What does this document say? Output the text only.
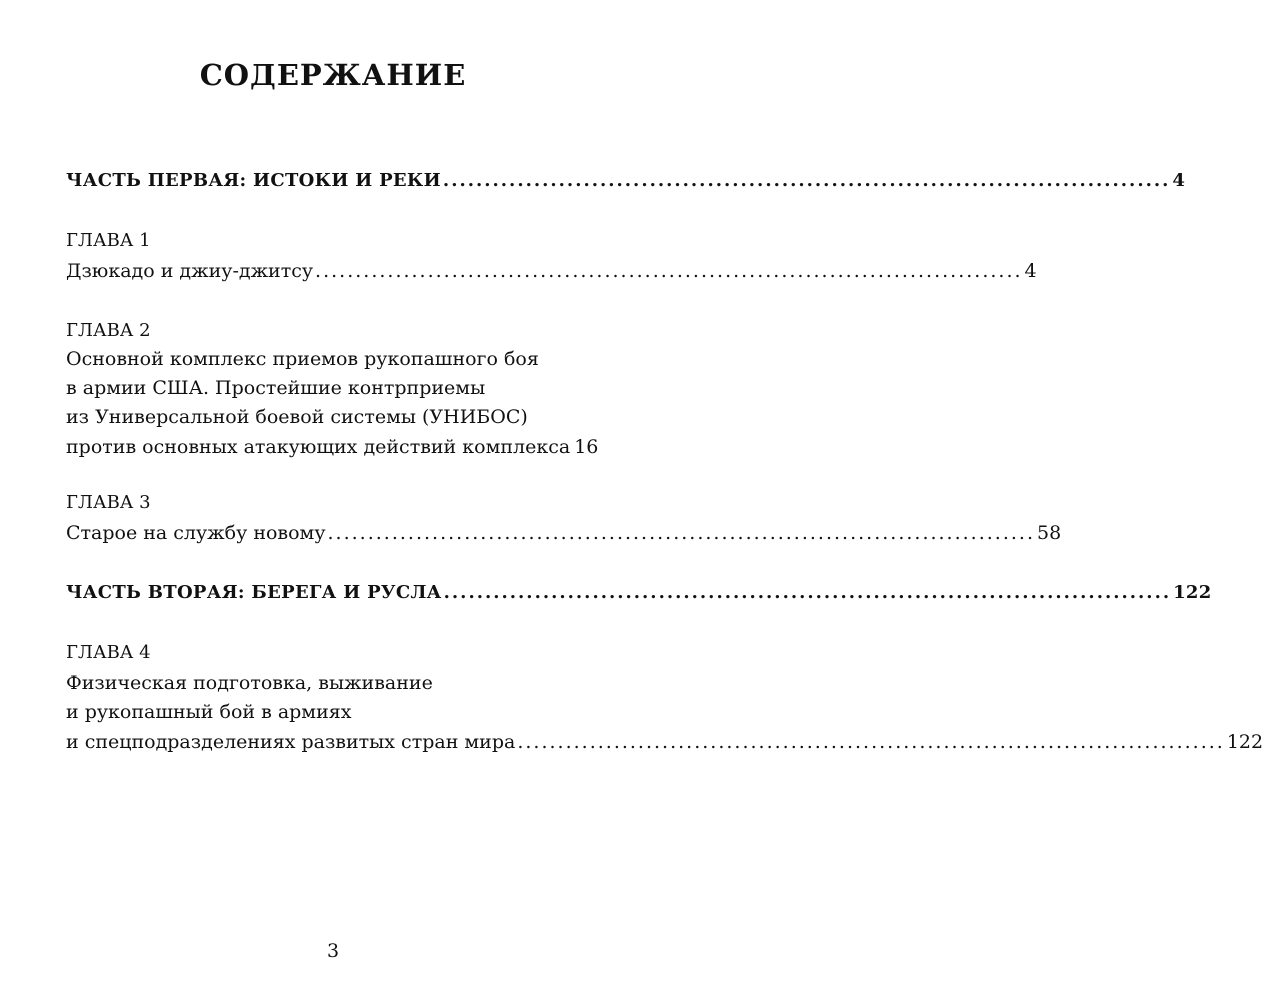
СОДЕРЖАНИЕ
ЧАСТЬ ПЕРВАЯ: ИСТОКИ И РЕКИ ........................................................................................ 4
ГЛАВА 1
Дзюкадо и джиу-джитсу ........................................................................................ 4
ГЛАВА 2
Основной комплекс приемов рукопашного боя
в армии США. Простейшие контрприемы
из Универсальной боевой системы (УНИБОС)
против основных атакующих действий комплекса 16
ГЛАВА 3
Старое на службу новому ........................................................................................ 58
ЧАСТЬ ВТОРАЯ: БЕРЕГА И РУСЛА ........................................................................................ 122
ГЛАВА 4
Физическая подготовка, выживание
и рукопашный бой в армиях
и спецподразделениях развитых стран мира ........................................................................................ 122
3
